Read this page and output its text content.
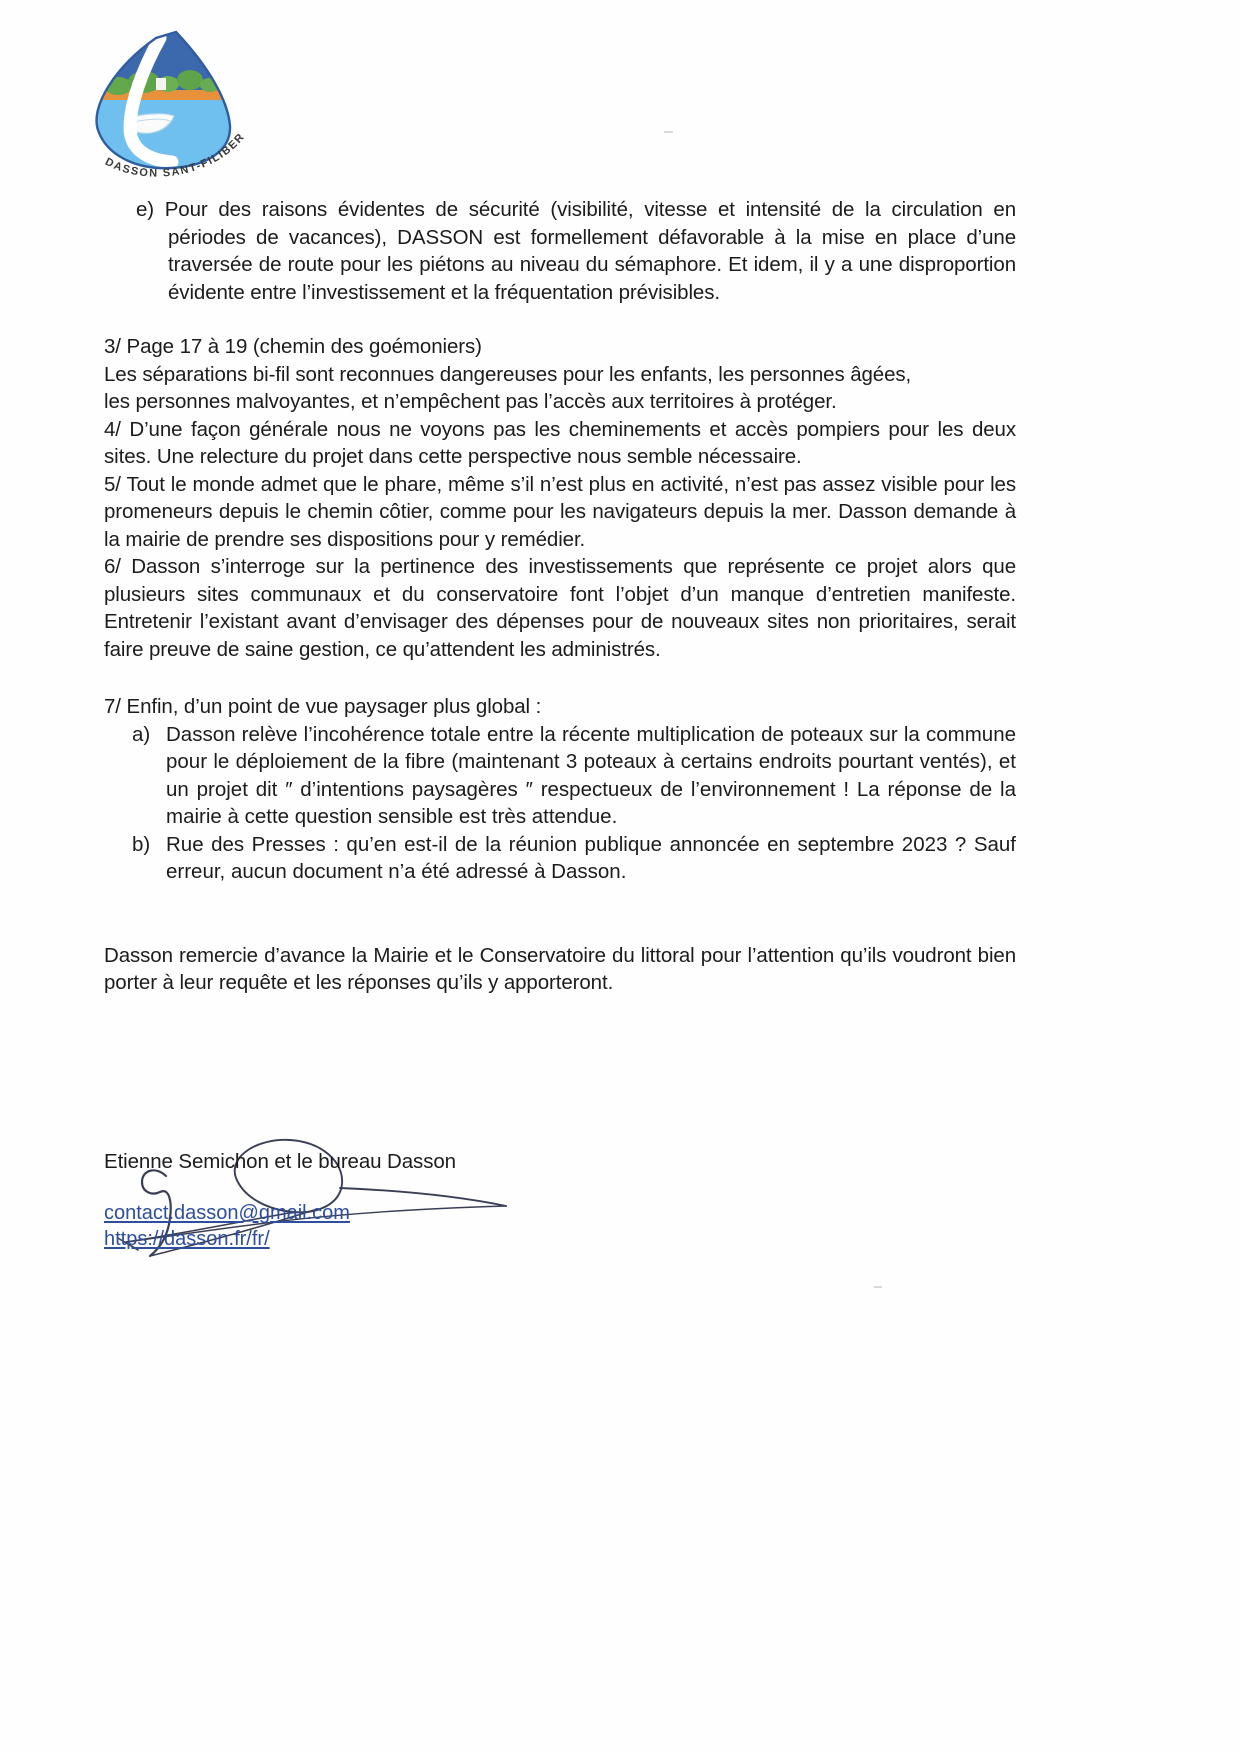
DASSON SANT-FILIBER

e) Pour des raisons évidentes de sécurité (visibilité, vitesse et intensité de la circulation en périodes de vacances), DASSON est formellement défavorable à la mise en place d’une traversée de route pour les piétons au niveau du sémaphore. Et idem, il y a une disproportion évidente entre l’investissement et la fréquentation prévisibles.

3/ Page 17 à 19 (chemin des goémoniers)

Les séparations bi-fil sont reconnues dangereuses pour les enfants, les personnes âgées,

les personnes malvoyantes, et n’empêchent pas l’accès aux territoires à protéger.

4/ D’une façon générale nous ne voyons pas les cheminements et accès pompiers pour les deux sites. Une relecture du projet dans cette perspective nous semble nécessaire.

5/ Tout le monde admet que le phare, même s’il n’est plus en activité, n’est pas assez visible pour les promeneurs depuis le chemin côtier, comme pour les navigateurs depuis la mer. Dasson demande à la mairie de prendre ses dispositions pour y remédier.

6/ Dasson s’interroge sur la pertinence des investissements que représente ce projet alors que plusieurs sites communaux et du conservatoire font l’objet d’un manque d’entretien manifeste. Entretenir l’existant avant d’envisager des dépenses pour de nouveaux sites non prioritaires, serait faire preuve de saine gestion, ce qu’attendent les administrés.

7/ Enfin, d’un point de vue paysager plus global :

a) Dasson relève l’incohérence totale entre la récente multiplication de poteaux sur la commune pour le déploiement de la fibre (maintenant 3 poteaux à certains endroits pourtant ventés), et un projet dit ″ d’intentions paysagères ″ respectueux de l’environnement ! La réponse de la mairie à cette question sensible est très attendue.
b) Rue des Presses : qu’en est-il de la réunion publique annoncée en septembre 2023 ? Sauf erreur, aucun document n’a été adressé à Dasson.

Dasson remercie d’avance la Mairie et le Conservatoire du littoral pour l’attention qu’ils voudront bien porter à leur requête et les réponses qu’ils y apporteront.

Etienne Semichon et le bureau Dasson

contact.dasson@gmail.com
https://dasson.fr/fr/
